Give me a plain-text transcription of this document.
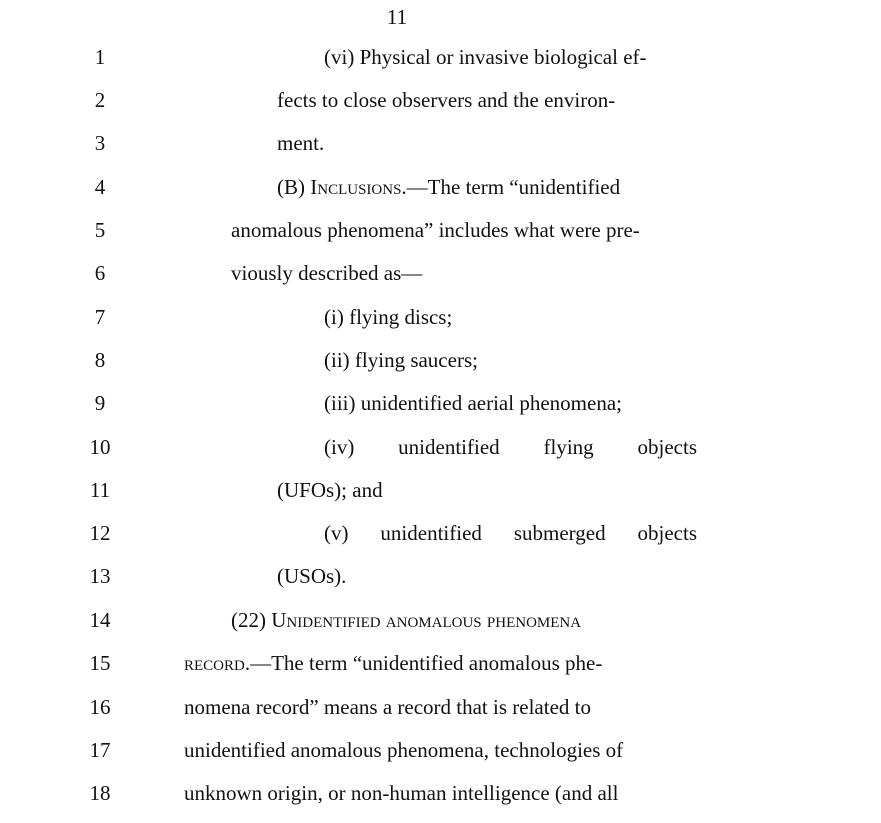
11
1	(vi) Physical or invasive biological ef-
2	fects to close observers and the environ-
3	ment.
4	(B) Inclusions.—The term “unidentified
5	anomalous phenomena” includes what were pre-
6	viously described as—
7	(i) flying discs;
8	(ii) flying saucers;
9	(iii) unidentified aerial phenomena;
10	(iv) unidentified flying objects
11	(UFOs); and
12	(v) unidentified submerged objects
13	(USOs).
14	(22) Unidentified anomalous phenomena
15	record.—The term “unidentified anomalous phe-
16	nomena record” means a record that is related to
17	unidentified anomalous phenomena, technologies of
18	unknown origin, or non-human intelligence (and all
